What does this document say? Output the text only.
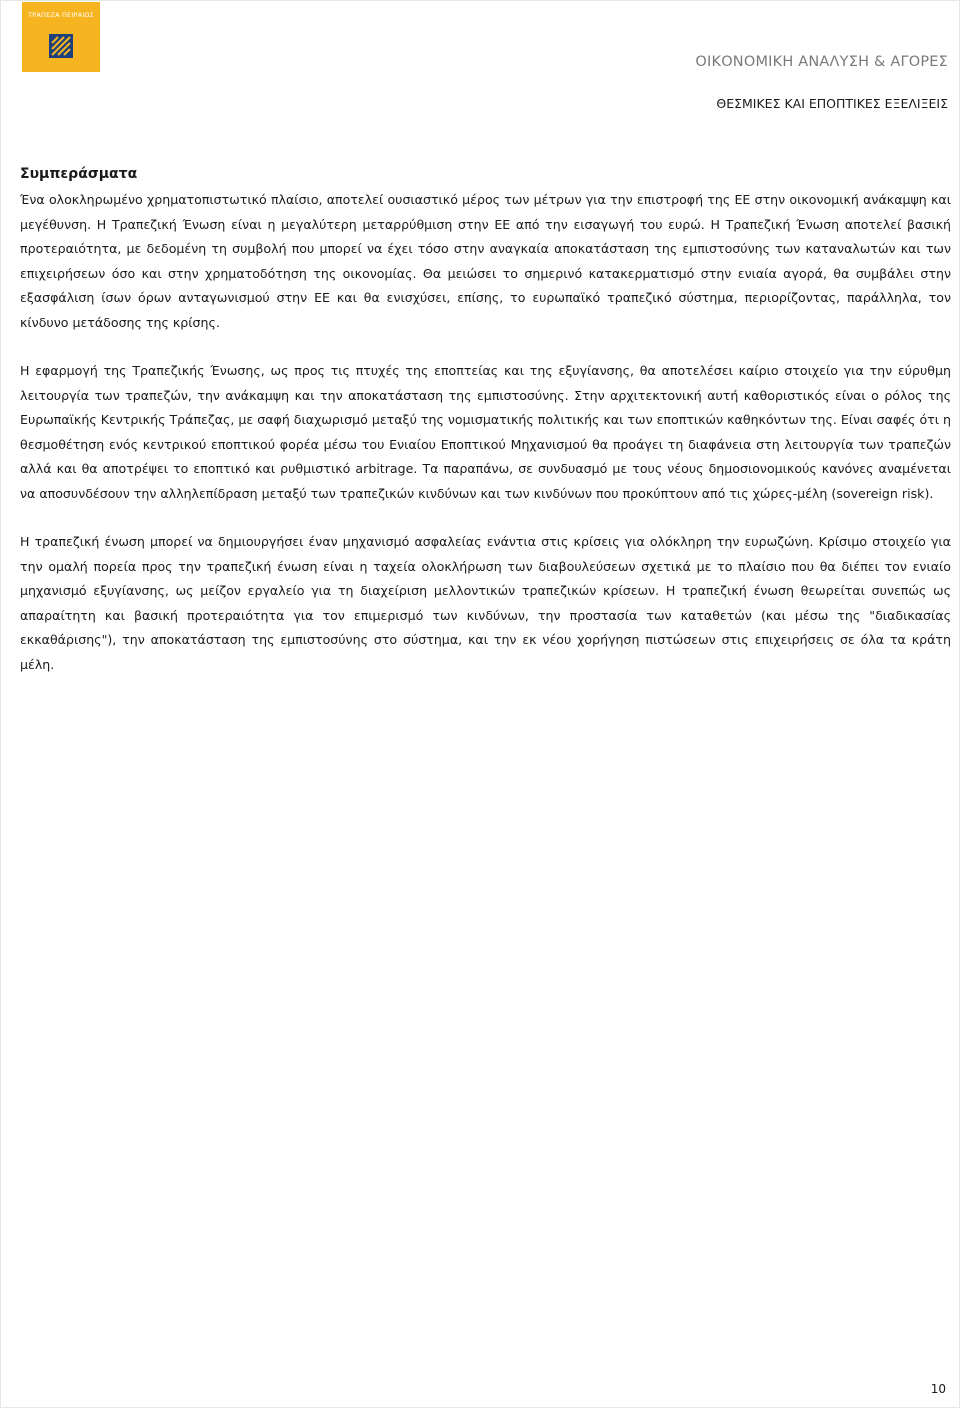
ΤΡΑΠΕΖΑ ΠΕΙΡΑΙΩΣ
ΟΙΚΟΝΟΜΙΚΗ ΑΝΑΛΥΣΗ & ΑΓΟΡΕΣ
ΘΕΣΜΙΚΕΣ ΚΑΙ ΕΠΟΠΤΙΚΕΣ ΕΞΕΛΙΞΕΙΣ
Συμπεράσματα

Ένα ολοκληρωμένο χρηματοπιστωτικό πλαίσιο, αποτελεί ουσιαστικό μέρος των μέτρων για την επιστροφή της ΕΕ στην οικονομική ανάκαμψη και μεγέθυνση. Η Τραπεζική Ένωση είναι η μεγαλύτερη μεταρρύθμιση στην ΕΕ από την εισαγωγή του ευρώ. Η Τραπεζική Ένωση αποτελεί βασική προτεραιότητα, με δεδομένη τη συμβολή που μπορεί να έχει τόσο στην αναγκαία αποκατάσταση της εμπιστοσύνης των καταναλωτών και των επιχειρήσεων όσο και στην χρηματοδότηση της οικονομίας. Θα μειώσει το σημερινό κατακερματισμό στην ενιαία αγορά, θα συμβάλει στην εξασφάλιση ίσων όρων ανταγωνισμού στην ΕΕ και θα ενισχύσει, επίσης, το ευρωπαϊκό τραπεζικό σύστημα, περιορίζοντας, παράλληλα, τον κίνδυνο μετάδοσης της κρίσης.

Η εφαρμογή της Τραπεζικής Ένωσης, ως προς τις πτυχές της εποπτείας και της εξυγίανσης, θα αποτελέσει καίριο στοιχείο για την εύρυθμη λειτουργία των τραπεζών, την ανάκαμψη και την αποκατάσταση της εμπιστοσύνης. Στην αρχιτεκτονική αυτή καθοριστικός είναι ο ρόλος της Ευρωπαϊκής Κεντρικής Τράπεζας, με σαφή διαχωρισμό μεταξύ της νομισματικής πολιτικής και των εποπτικών καθηκόντων της. Είναι σαφές ότι η θεσμοθέτηση ενός κεντρικού εποπτικού φορέα μέσω του Ενιαίου Εποπτικού Μηχανισμού θα προάγει τη διαφάνεια στη λειτουργία των τραπεζών αλλά και θα αποτρέψει το εποπτικό και ρυθμιστικό arbitrage. Τα παραπάνω, σε συνδυασμό με τους νέους δημοσιονομικούς κανόνες αναμένεται να αποσυνδέσουν την αλληλεπίδραση μεταξύ των τραπεζικών κινδύνων και των κινδύνων που προκύπτουν από τις χώρες-μέλη (sovereign risk).

Η τραπεζική ένωση μπορεί να δημιουργήσει έναν μηχανισμό ασφαλείας ενάντια στις κρίσεις για ολόκληρη την ευρωζώνη. Κρίσιμο στοιχείο για την ομαλή πορεία προς την τραπεζική ένωση είναι η ταχεία ολοκλήρωση των διαβουλεύσεων σχετικά με το πλαίσιο που θα διέπει τον ενιαίο μηχανισμό εξυγίανσης, ως μείζον εργαλείο για τη διαχείριση μελλοντικών τραπεζικών κρίσεων. Η τραπεζική ένωση θεωρείται συνεπώς ως απαραίτητη και βασική προτεραιότητα για τον επιμερισμό των κινδύνων, την προστασία των καταθετών (και μέσω της "διαδικασίας εκκαθάρισης"), την αποκατάσταση της εμπιστοσύνης στο σύστημα, και την εκ νέου χορήγηση πιστώσεων στις επιχειρήσεις σε όλα τα κράτη μέλη.

10
